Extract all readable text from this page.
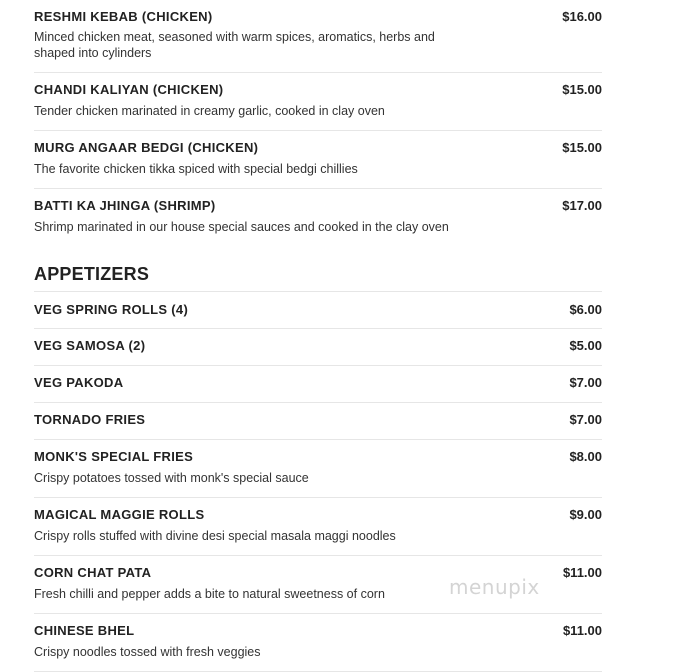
RESHMI KEBAB (CHICKEN)	$16.00
Minced chicken meat, seasoned with warm spices, aromatics, herbs and shaped into cylinders
CHANDI KALIYAN (CHICKEN)	$15.00
Tender chicken marinated in creamy garlic, cooked in clay oven
MURG ANGAAR BEDGI (CHICKEN)	$15.00
The favorite chicken tikka spiced with special bedgi chillies
BATTI KA JHINGA (SHRIMP)	$17.00
Shrimp marinated in our house special sauces and cooked in the clay oven
APPETIZERS
VEG SPRING ROLLS (4)	$6.00
VEG SAMOSA (2)	$5.00
VEG PAKODA	$7.00
TORNADO FRIES	$7.00
MONK'S SPECIAL FRIES	$8.00
Crispy potatoes tossed with monk's special sauce
MAGICAL MAGGIE ROLLS	$9.00
Crispy rolls stuffed with divine desi special masala maggi noodles
CORN CHAT PATA	$11.00
Fresh chilli and pepper adds a bite to natural sweetness of corn
CHINESE BHEL	$11.00
Crispy noodles tossed with fresh veggies
menupix
